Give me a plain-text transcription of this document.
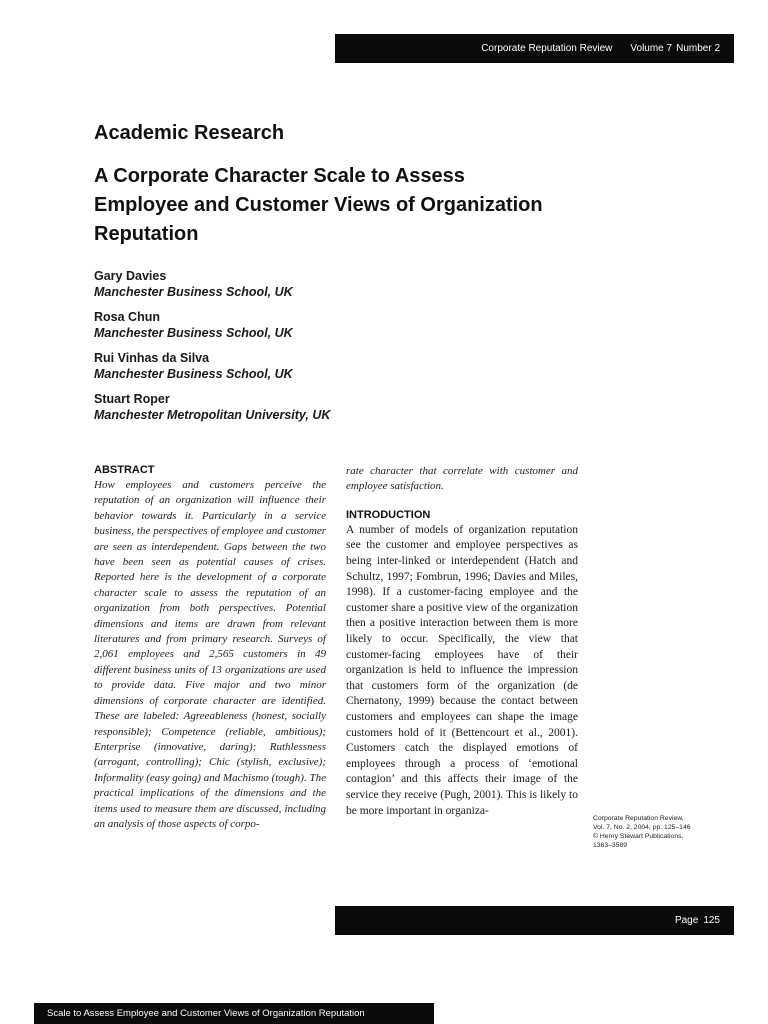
Corporate Reputation Review Volume 7 Number 2
Academic Research
A Corporate Character Scale to Assess Employee and Customer Views of Organization Reputation
Gary Davies
Manchester Business School, UK
Rosa Chun
Manchester Business School, UK
Rui Vinhas da Silva
Manchester Business School, UK
Stuart Roper
Manchester Metropolitan University, UK
ABSTRACT

How employees and customers perceive the reputation of an organization will influence their behavior towards it. Particularly in a service business, the perspectives of employee and customer are seen as interdependent. Gaps between the two have been seen as potential causes of crises. Reported here is the development of a corporate character scale to assess the reputation of an organization from both perspectives. Potential dimensions and items are drawn from relevant literatures and from primary research. Surveys of 2,061 employees and 2,565 customers in 49 different business units of 13 organizations are used to provide data. Five major and two minor dimensions of corporate character are identified. These are labeled: Agreeableness (honest, socially responsible); Competence (reliable, ambitious); Enterprise (innovative, daring); Ruthlessness (arrogant, controlling); Chic (stylish, exclusive); Informality (easy going) and Machismo (tough). The practical implications of the dimensions and the items used to measure them are discussed, including an analysis of those aspects of corpo-

rate character that correlate with customer and employee satisfaction.

INTRODUCTION

A number of models of organization reputation see the customer and employee perspectives as being inter-linked or interdependent (Hatch and Schultz, 1997; Fombrun, 1996; Davies and Miles, 1998). If a customer-facing employee and the customer share a positive view of the organization then a positive interaction between them is more likely to occur. Specifically, the view that customer-facing employees have of their organization is held to influence the impression that customers form of the organization (de Chernatony, 1999) because the contact between customers and employees can shape the image customers hold of it (Bettencourt et al., 2001). Customers catch the displayed emotions of employees through a process of ‘emotional contagion’ and this affects their image of the service they receive (Pugh, 2001). This is likely to be more important in organiza-

Corporate Reputation Review,
Vol. 7, No. 2, 2004, pp. 125–146
© Henry Stewart Publications,
1363–3589
Page 125
Scale to Assess Employee and Customer Views of Organization Reputation
